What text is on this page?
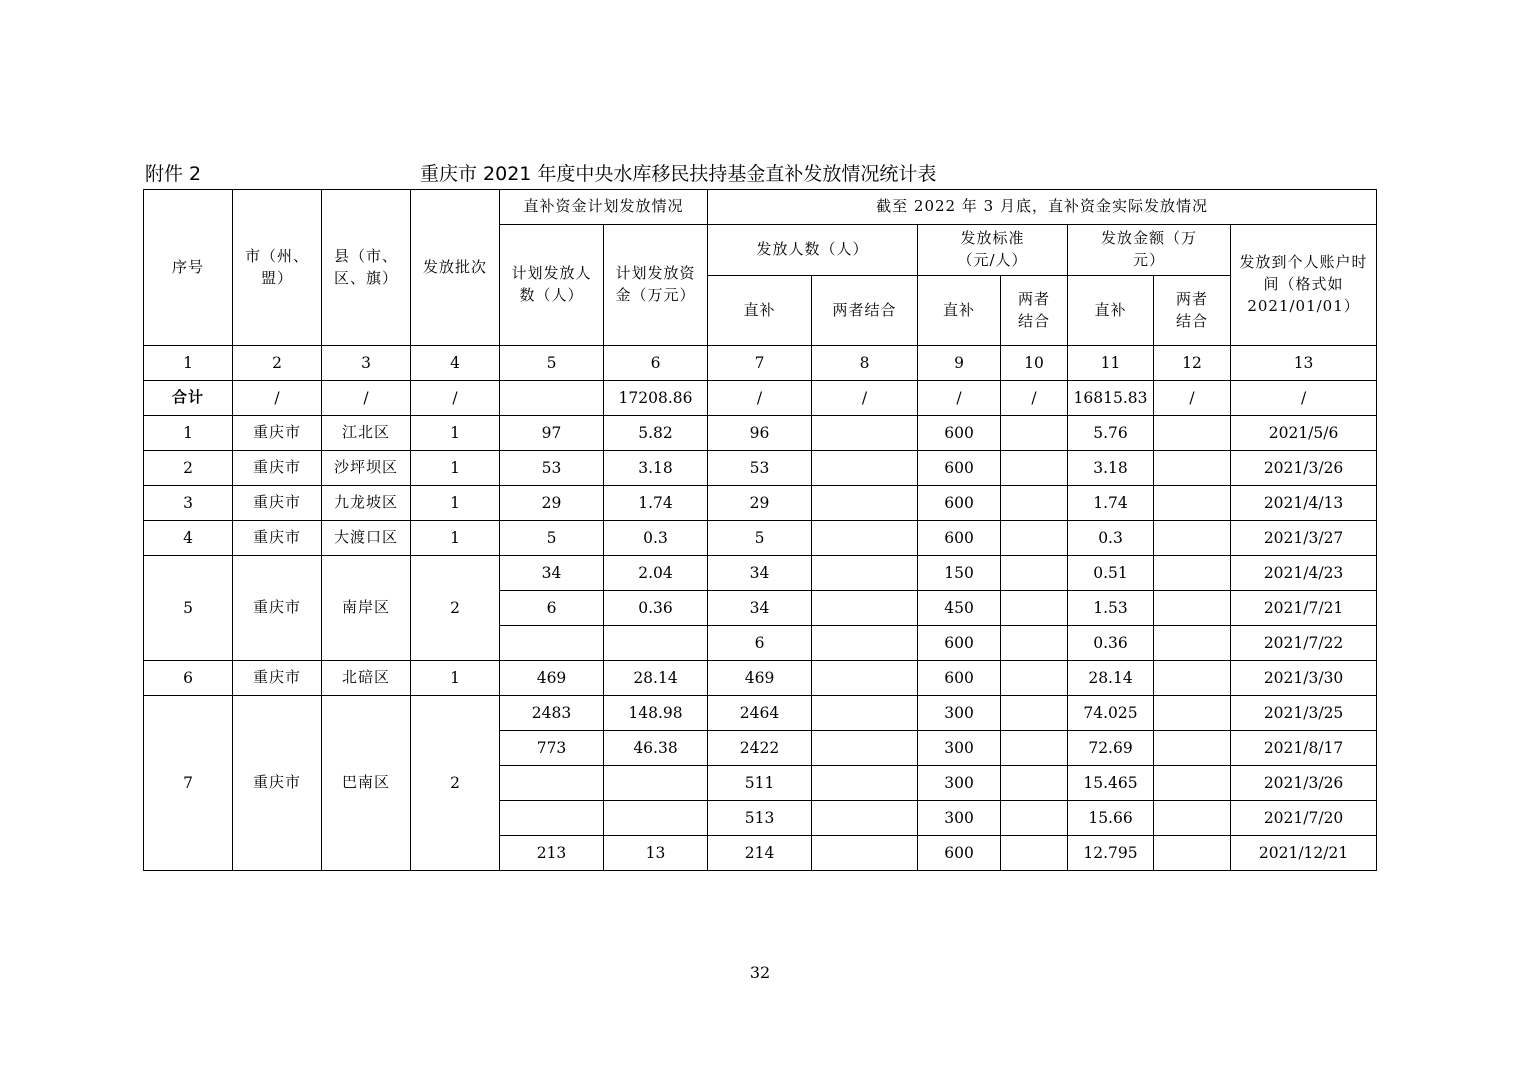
附件 2	重庆市 2021 年度中央水库移民扶持基金直补发放情况统计表
序号	市（州、盟）	县（市、区、旗）	发放批次	直补资金计划发放情况		截至 2022 年 3 月底，直补资金实际发放情况						
				计划发放人数（人）	计划发放资金（万元）	发放人数（人）		发放标准（元/人）		发放金额（万元）		发放到个人账户时间（格式如 2021/01/01）
						直补	两者结合	直补	两者结合	直补	两者结合	
1	2	3	4	5	6	7	8	9	10	11	12	13
合计	/	/	/		17208.86	/	/	/	/	16815.83	/	/
1	重庆市	江北区	1	97	5.82	96		600		5.76		2021/5/6
2	重庆市	沙坪坝区	1	53	3.18	53		600		3.18		2021/3/26
3	重庆市	九龙坡区	1	29	1.74	29		600		1.74		2021/4/13
4	重庆市	大渡口区	1	5	0.3	5		600		0.3		2021/3/27
5	重庆市	南岸区	2	34	2.04	34		150		0.51		2021/4/23
				6	0.36	34		450		1.53		2021/7/21
						6		600		0.36		2021/7/22
6	重庆市	北碚区	1	469	28.14	469		600		28.14		2021/3/30
7	重庆市	巴南区	2	2483	148.98	2464		300		74.025		2021/3/25
				773	46.38	2422		300		72.69		2021/8/17
						511		300		15.465		2021/3/26
						513		300		15.66		2021/7/20
				213	13	214		600		12.795		2021/12/21
32
